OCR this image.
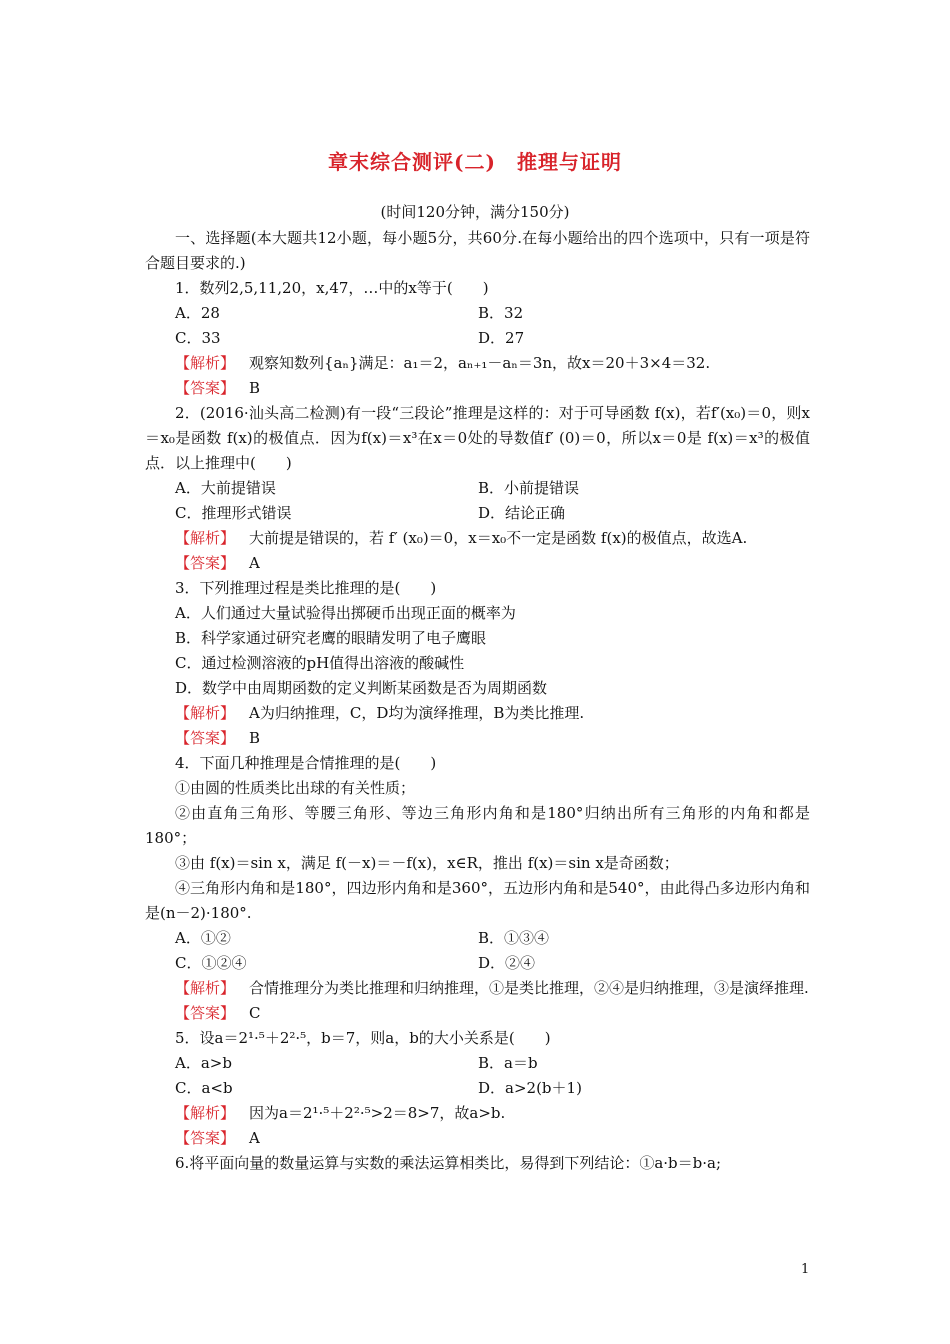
章末综合测评(二)　推理与证明
(时间120分钟，满分150分)

一、选择题(本大题共12小题，每小题5分，共60分.在每小题给出的四个选项中，只有一项是符合题目要求的.)

1．数列2,5,11,20，x,47，…中的x等于(　　)

A．28	B．32
C．33	D．27

【解析】 观察知数列{aₙ}满足：a₁＝2，aₙ₊₁－aₙ＝3n，故x＝20＋3×4＝32.

【答案】 B

2．(2016·汕头高二检测)有一段“三段论”推理是这样的：对于可导函数 f(x)，若f′(x₀)＝0，则x＝x₀是函数 f(x)的极值点．因为f(x)＝x³在x＝0处的导数值f′ (0)＝0，所以x＝0是 f(x)＝x³的极值点．以上推理中(　　)

A．大前提错误	B．小前提错误
C．推理形式错误	D．结论正确

【解析】 大前提是错误的，若 f′ (x₀)＝0，x＝x₀不一定是函数 f(x)的极值点，故选A.

【答案】 A

3．下列推理过程是类比推理的是(　　)

A．人们通过大量试验得出掷硬币出现正面的概率为

B．科学家通过研究老鹰的眼睛发明了电子鹰眼

C．通过检测溶液的pH值得出溶液的酸碱性

D．数学中由周期函数的定义判断某函数是否为周期函数

【解析】 A为归纳推理，C，D均为演绎推理，B为类比推理.

【答案】 B

4．下面几种推理是合情推理的是(　　)

①由圆的性质类比出球的有关性质；

②由直角三角形、等腰三角形、等边三角形内角和是180°归纳出所有三角形的内角和都是180°；

③由 f(x)＝sin x，满足 f(－x)＝－f(x)，x∈R，推出 f(x)＝sin x是奇函数；

④三角形内角和是180°，四边形内角和是360°，五边形内角和是540°，由此得凸多边形内角和是(n－2)·180°.

A．①②	B．①③④
C．①②④	D．②④

【解析】 合情推理分为类比推理和归纳推理，①是类比推理，②④是归纳推理，③是演绎推理.

【答案】 C

5．设a＝2¹·⁵＋2²·⁵，b＝7，则a，b的大小关系是(　　)

A．a>b	B．a＝b
C．a<b	D．a>2(b＋1)

【解析】 因为a＝2¹·⁵＋2²·⁵>2＝8>7，故a>b.

【答案】 A

6.将平面向量的数量运算与实数的乘法运算相类比，易得到下列结论：①a·b＝b·a;

1
